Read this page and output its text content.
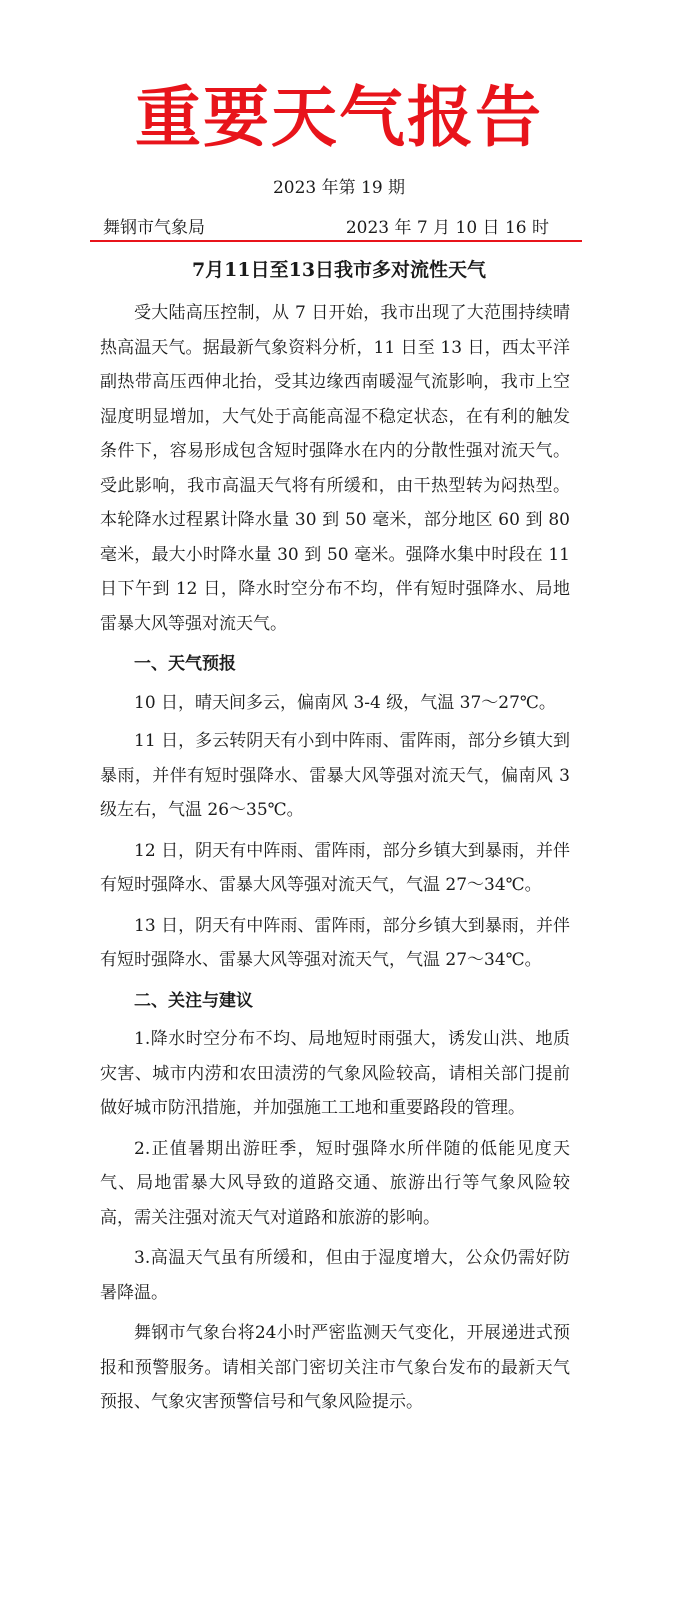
重要天气报告
2023 年第 19 期
舞钢市气象局	2023 年 7 月 10 日 16 时
7月11日至13日我市多对流性天气

受大陆高压控制，从 7 日开始，我市出现了大范围持续晴热高温天气。据最新气象资料分析，11 日至 13 日，西太平洋副热带高压西伸北抬，受其边缘西南暖湿气流影响，我市上空湿度明显增加，大气处于高能高湿不稳定状态，在有利的触发条件下，容易形成包含短时强降水在内的分散性强对流天气。受此影响，我市高温天气将有所缓和，由干热型转为闷热型。本轮降水过程累计降水量 30 到 50 毫米，部分地区 60 到 80 毫米，最大小时降水量 30 到 50 毫米。强降水集中时段在 11 日下午到 12 日，降水时空分布不均，伴有短时强降水、局地雷暴大风等强对流天气。

一、天气预报

10 日，晴天间多云，偏南风 3-4 级，气温 37～27℃。

11 日，多云转阴天有小到中阵雨、雷阵雨，部分乡镇大到暴雨，并伴有短时强降水、雷暴大风等强对流天气，偏南风 3 级左右，气温 26～35℃。

12 日，阴天有中阵雨、雷阵雨，部分乡镇大到暴雨，并伴有短时强降水、雷暴大风等强对流天气，气温 27～34℃。

13 日，阴天有中阵雨、雷阵雨，部分乡镇大到暴雨，并伴有短时强降水、雷暴大风等强对流天气，气温 27～34℃。

二、关注与建议

1.降水时空分布不均、局地短时雨强大，诱发山洪、地质灾害、城市内涝和农田渍涝的气象风险较高，请相关部门提前做好城市防汛措施，并加强施工工地和重要路段的管理。

2.正值暑期出游旺季，短时强降水所伴随的低能见度天气、局地雷暴大风导致的道路交通、旅游出行等气象风险较高，需关注强对流天气对道路和旅游的影响。

3.高温天气虽有所缓和，但由于湿度增大，公众仍需好防暑降温。

舞钢市气象台将24小时严密监测天气变化，开展递进式预报和预警服务。请相关部门密切关注市气象台发布的最新天气预报、气象灾害预警信号和气象风险提示。
